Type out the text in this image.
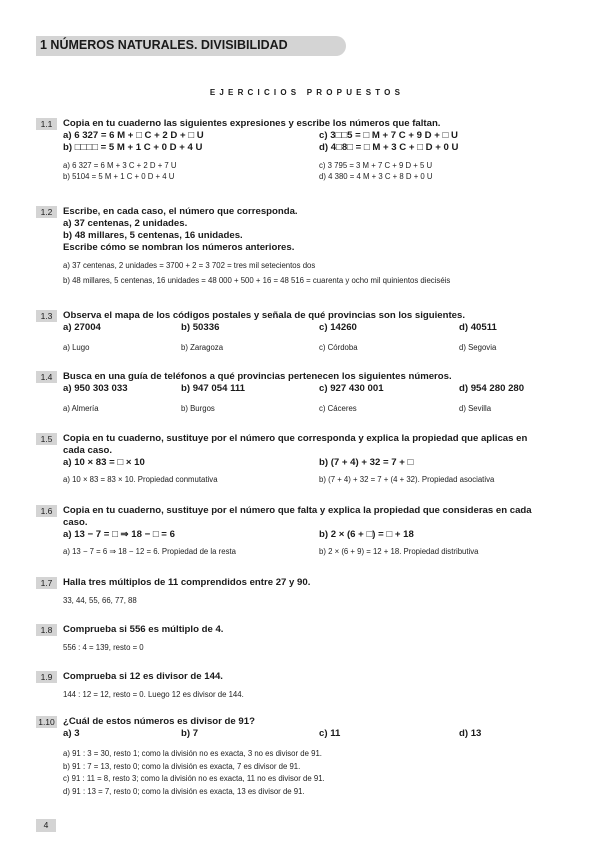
1 NÚMEROS NATURALES. DIVISIBILIDAD
EJERCICIOS PROPUESTOS
1.1	Copia en tu cuaderno las siguientes expresiones y escribe los números que faltan.
a) 6 327 = 6 M + □ C + 2 D + □ U	c) 3□□5 = □ M + 7 C + 9 D + □ U
b) □□□□ = 5 M + 1 C + 0 D + 4 U	d) 4□8□ = □ M + 3 C + □ D + 0 U
a) 6 327 = 6 M + 3 C + 2 D + 7 U	c) 3 795 = 3 M + 7 C + 9 D + 5 U
b) 5104 = 5 M + 1 C + 0 D + 4 U	d) 4 380 = 4 M + 3 C + 8 D + 0 U
1.2	Escribe, en cada caso, el número que corresponda.
a) 37 centenas, 2 unidades.
b) 48 millares, 5 centenas, 16 unidades.
Escribe cómo se nombran los números anteriores.
a) 37 centenas, 2 unidades = 3700 + 2 = 3 702 = tres mil setecientos dos
b) 48 millares, 5 centenas, 16 unidades = 48 000 + 500 + 16 = 48 516 = cuarenta y ocho mil quinientos dieciséis
1.3	Observa el mapa de los códigos postales y señala de qué provincias son los siguientes.
a) 27004	b) 50336	c) 14260	d) 40511
a) Lugo	b) Zaragoza	c) Córdoba	d) Segovia
1.4	Busca en una guía de teléfonos a qué provincias pertenecen los siguientes números.
a) 950 303 033	b) 947 054 111	c) 927 430 001	d) 954 280 280
a) Almería	b) Burgos	c) Cáceres	d) Sevilla
1.5	Copia en tu cuaderno, sustituye por el número que corresponda y explica la propiedad que aplicas en
cada caso.
a) 10 × 83 = □ × 10	b) (7 + 4) + 32 = 7 + □
a) 10 × 83 = 83 × 10. Propiedad conmutativa	b) (7 + 4) + 32 = 7 + (4 + 32). Propiedad asociativa
1.6	Copia en tu cuaderno, sustituye por el número que falta y explica la propiedad que consideras en cada
caso.
a) 13 − 7 = □ ⇒ 18 − □ = 6	b) 2 × (6 + □) = □ + 18
a) 13 − 7 = 6 ⇒ 18 − 12 = 6. Propiedad de la resta	b) 2 × (6 + 9) = 12 + 18. Propiedad distributiva
1.7	Halla tres múltiplos de 11 comprendidos entre 27 y 90.
33, 44, 55, 66, 77, 88
1.8	Comprueba si 556 es múltiplo de 4.
556 : 4 = 139, resto = 0
1.9	Comprueba si 12 es divisor de 144.
144 : 12 = 12, resto = 0. Luego 12 es divisor de 144.
1.10 ¿Cuál de estos números es divisor de 91?
a) 3	b) 7	c) 11	d) 13
a) 91 : 3 = 30, resto 1; como la división no es exacta, 3 no es divisor de 91.
b) 91 : 7 = 13, resto 0; como la división es exacta, 7 es divisor de 91.
c) 91 : 11 = 8, resto 3; como la división no es exacta, 11 no es divisor de 91.
d) 91 : 13 = 7, resto 0; como la división es exacta, 13 es divisor de 91.
4
